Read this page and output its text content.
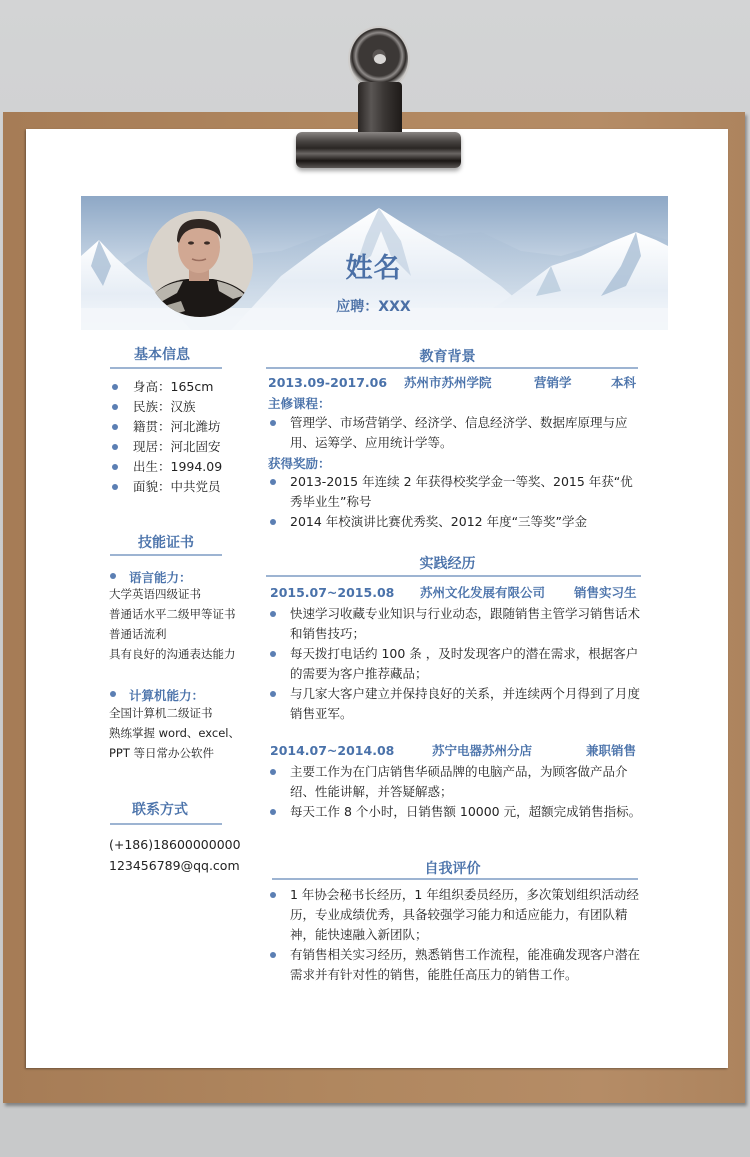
姓名
应聘：XXX
基本信息
身高：165cm
民族：汉族
籍贯：河北潍坊
现居：河北固安
出生：1994.09
面貌：中共党员
技能证书
语言能力：
大学英语四级证书
普通话水平二级甲等证书
普通话流利
具有良好的沟通表达能力
计算机能力：
全国计算机二级证书
熟练掌握 word、excel、
PPT 等日常办公软件
联系方式
(+186)18600000000
123456789@qq.com
教育背景
2013.09-2017.06 苏州市苏州学院	营销学	本科
主修课程：
管理学、市场营销学、经济学、信息经济学、数据库原理与应用、运筹学、应用统计学等。
获得奖励：
2013-2015 年连续 2 年获得校奖学金一等奖、2015 年获“优秀毕业生”称号
2014 年校演讲比赛优秀奖、2012 年度“三等奖”学金
实践经历
2015.07~2015.08 苏州文化发展有限公司 销售实习生
快速学习收藏专业知识与行业动态，跟随销售主管学习销售话术和销售技巧；
每天拨打电话约 100 条 ，及时发现客户的潜在需求，根据客户的需要为客户推荐藏品；
与几家大客户建立并保持良好的关系，并连续两个月得到了月度销售亚军。
2014.07~2014.08	苏宁电器苏州分店	兼职销售
主要工作为在门店销售华硕品牌的电脑产品，为顾客做产品介绍、性能讲解，并答疑解惑；
每天工作 8 个小时，日销售额 10000 元，超额完成销售指标。
自我评价
1 年协会秘书长经历，1 年组织委员经历，多次策划组织活动经历，专业成绩优秀，具备较强学习能力和适应能力，有团队精神，能快速融入新团队；
有销售相关实习经历，熟悉销售工作流程，能准确发现客户潜在需求并有针对性的销售，能胜任高压力的销售工作。
